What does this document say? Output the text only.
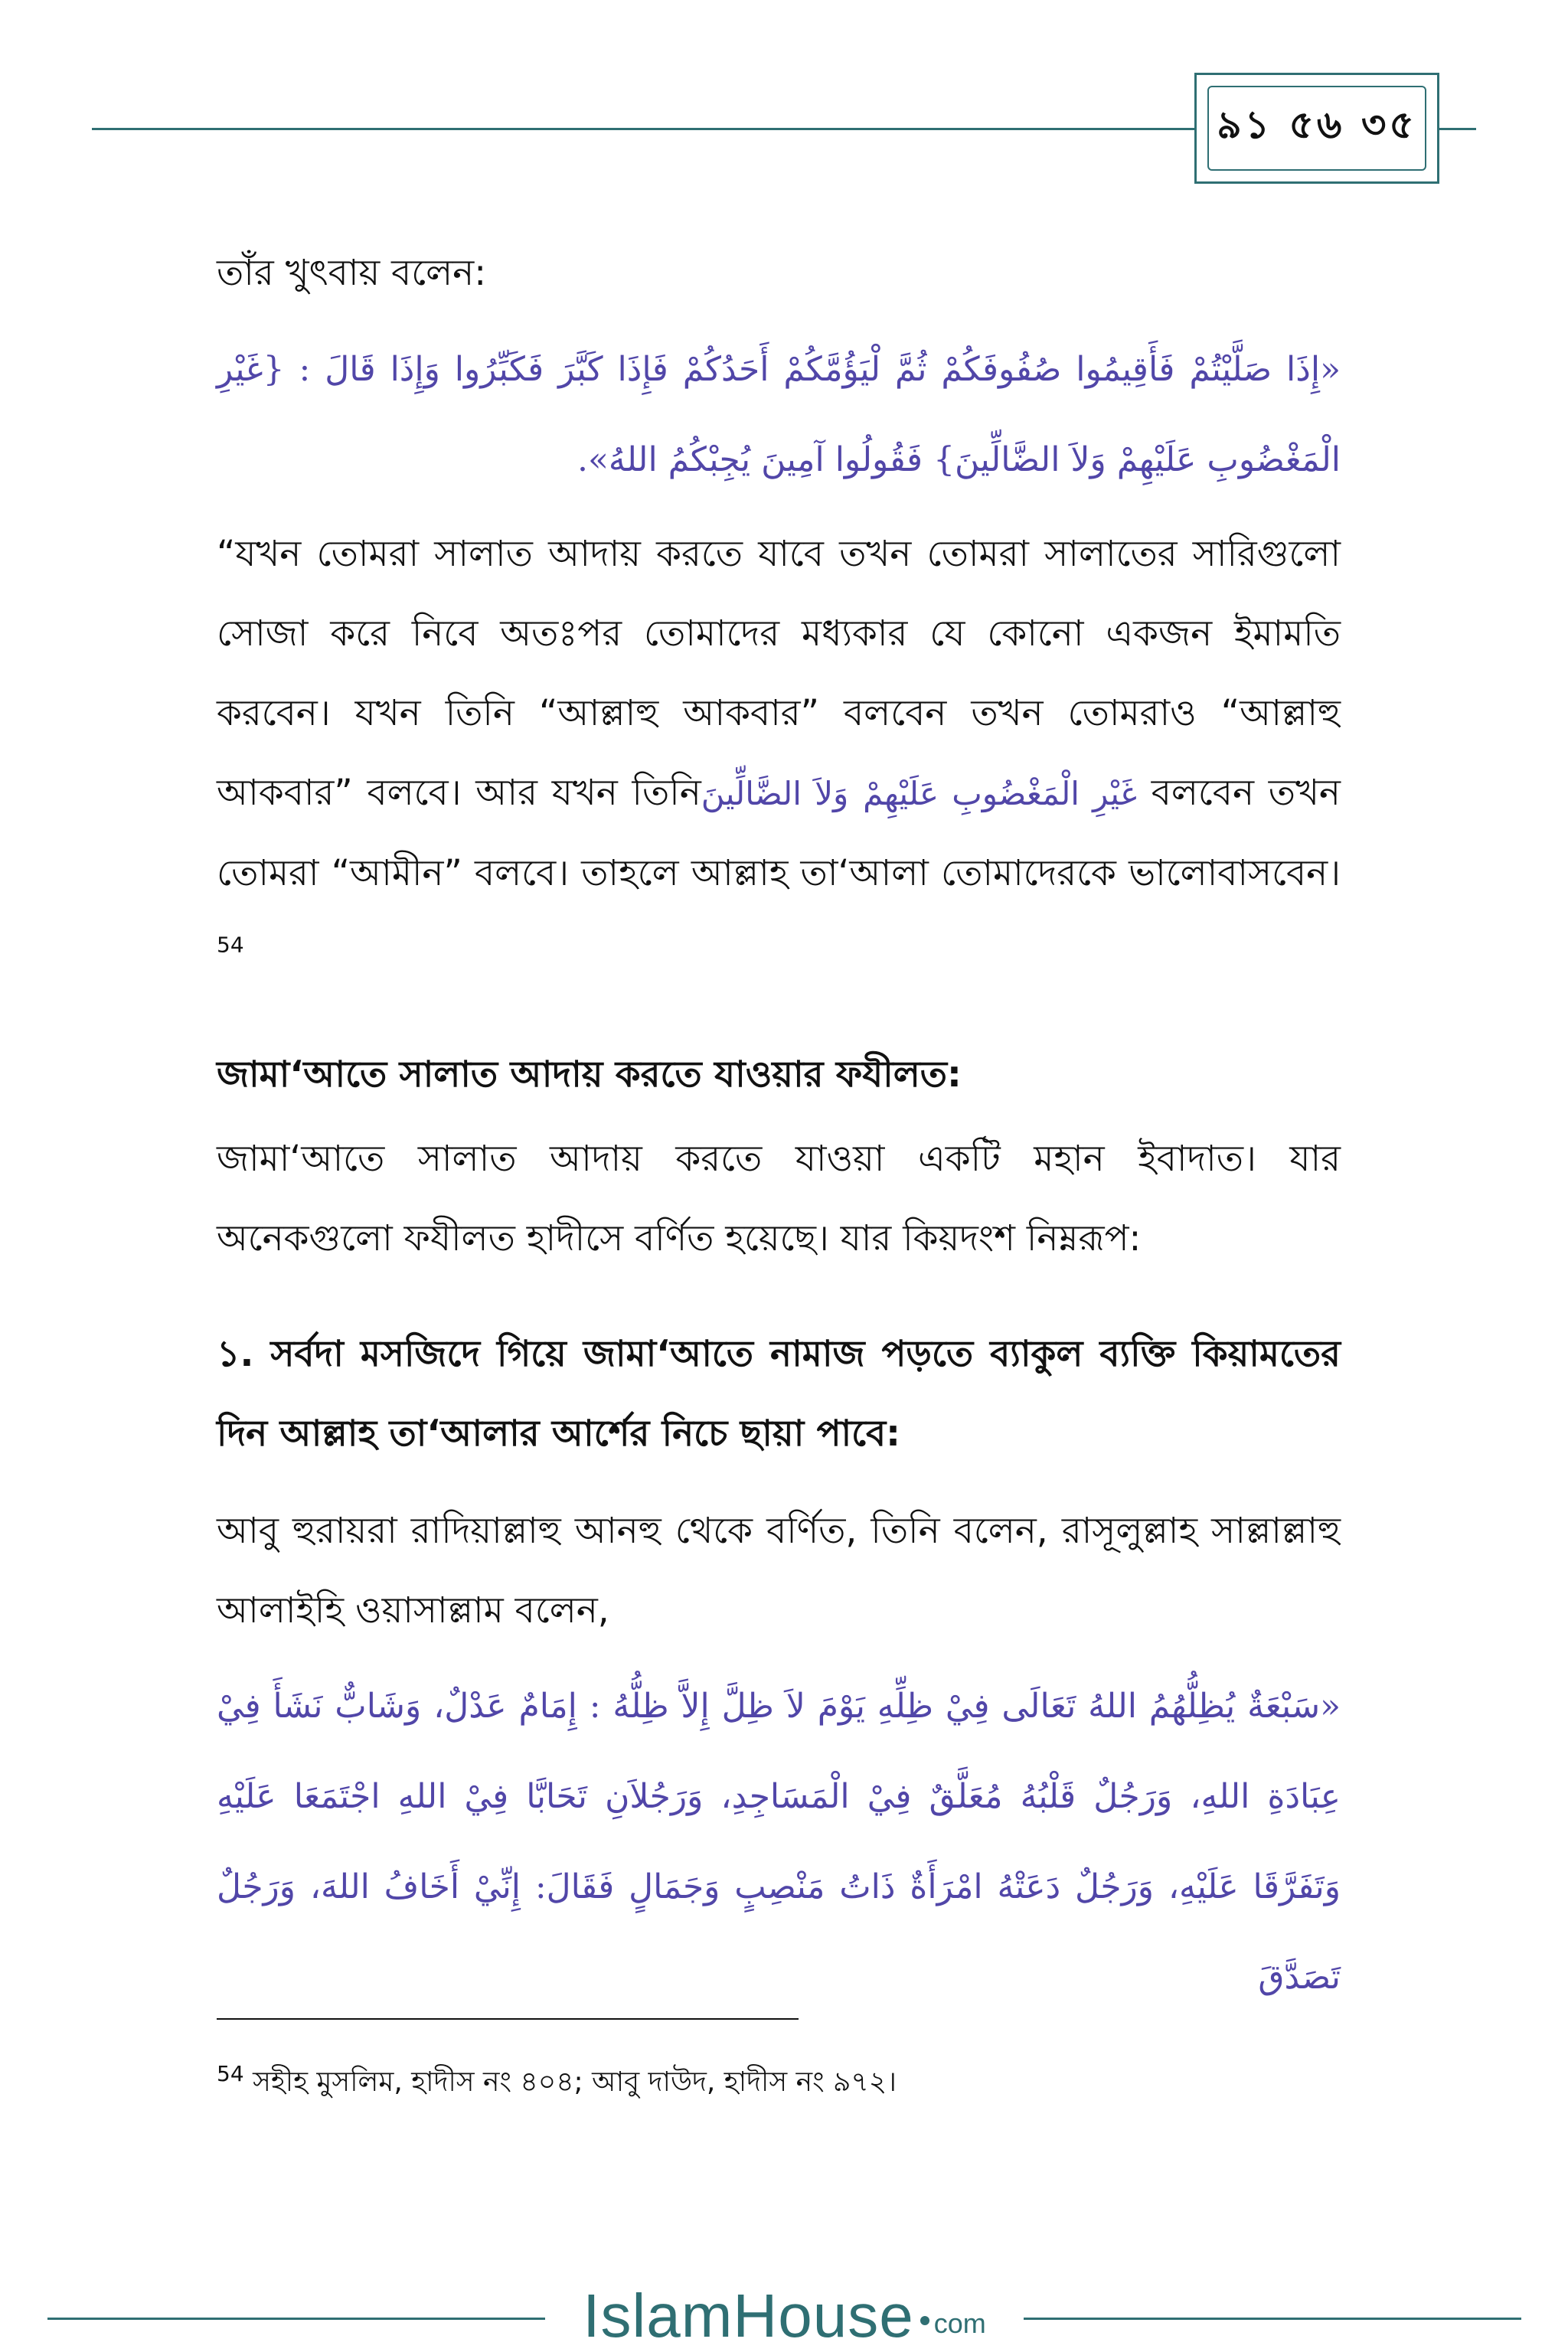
৯১ ৫৬ ৩৫
তাঁর খুৎবায় বলেন:
«إِذَا صَلَّيْتُمْ فَأَقِيمُوا صُفُوفَكُمْ ثُمَّ لْيَؤُمَّكُمْ أَحَدُكُمْ فَإِذَا كَبَّرَ فَكَبِّرُوا وَإِذَا قَالَ : {غَيْرِ الْمَغْضُوبِ عَلَيْهِمْ وَلاَ الضَّالِّينَ} فَقُولُوا آمِينَ يُجِبْكُمُ اللهُ».
“যখন তোমরা সালাত আদায় করতে যাবে তখন তোমরা সালাতের সারিগুলো সোজা করে নিবে অতঃপর তোমাদের মধ্যকার যে কোনো একজন ইমামতি করবেন। যখন তিনি “আল্লাহু আকবার” বলবেন তখন তোমরাও “আল্লাহু আকবার” বলবে। আর যখন তিনি	غَيْرِ الْمَغْضُوبِ عَلَيْهِمْ وَلاَ الضَّالِّينَ	বলবেন তখন তোমরা “আমীন” বলবে। তাহলে আল্লাহ তা‘আলা তোমাদেরকে ভালোবাসবেন।$^{54}$
জামা‘আতে সালাত আদায় করতে যাওয়ার ফযীলত:
জামা‘আতে সালাত আদায় করতে যাওয়া একটি মহান ইবাদাত। যার অনেকগুলো ফযীলত হাদীসে বর্ণিত হয়েছে। যার কিয়দংশ নিম্নরূপ:
১. সর্বদা মসজিদে গিয়ে জামা‘আতে নামাজ পড়তে ব্যাকুল ব্যক্তি কিয়ামতের দিন আল্লাহ তা‘আলার আর্শের নিচে ছায়া পাবে:
আবু হুরায়রা রাদিয়াল্লাহু আনহু থেকে বর্ণিত, তিনি বলেন, রাসূলুল্লাহ সাল্লাল্লাহু আলাইহি ওয়াসাল্লাম বলেন,
«سَبْعَةٌ يُظِلُّهُمُ اللهُ تَعَالَى فِيْ ظِلِّهِ يَوْمَ لاَ ظِلَّ إِلاَّ ظِلُّهُ : إِمَامٌ عَدْلٌ، وَشَابٌّ نَشَأَ فِيْ عِبَادَةِ اللهِ، وَرَجُلٌ قَلْبُهُ مُعَلَّقٌ فِيْ الْمَسَاجِدِ، وَرَجُلاَنِ تَحَابَّا فِيْ اللهِ اجْتَمَعَا عَلَيْهِ وَتَفَرَّقَا عَلَيْهِ، وَرَجُلٌ دَعَتْهُ امْرَأَةٌ ذَاتُ مَنْصِبٍ وَجَمَالٍ فَقَالَ: إِنِّيْ أَخَافُ اللهَ، وَرَجُلٌ تَصَدَّقَ
$^{54}$ সহীহ মুসলিম, হাদীস নং ৪০৪; আবু দাউদ, হাদীস নং ৯৭২।
IslamHouse com
